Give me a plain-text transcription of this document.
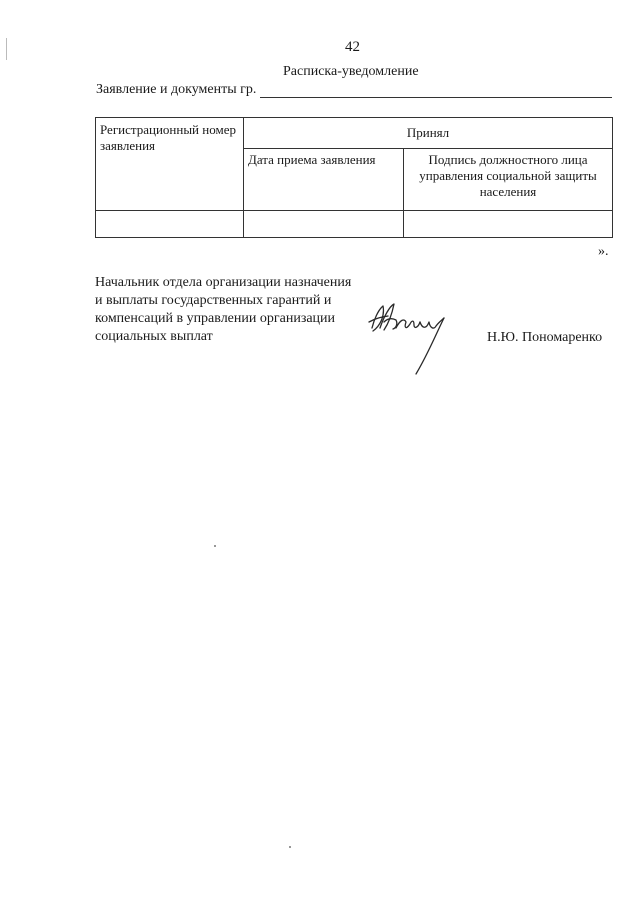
42
Расписка-уведомление
Заявление и документы гр.
Регистрационный номер заявления	Принял	
	Дата приема заявления	Подпись должностного лица управления социальной защиты населения

».
Начальник отдела организации назначения и выплаты государственных гарантий и компенсаций в управлении организации социальных выплат	Н.Ю. Пономаренко
